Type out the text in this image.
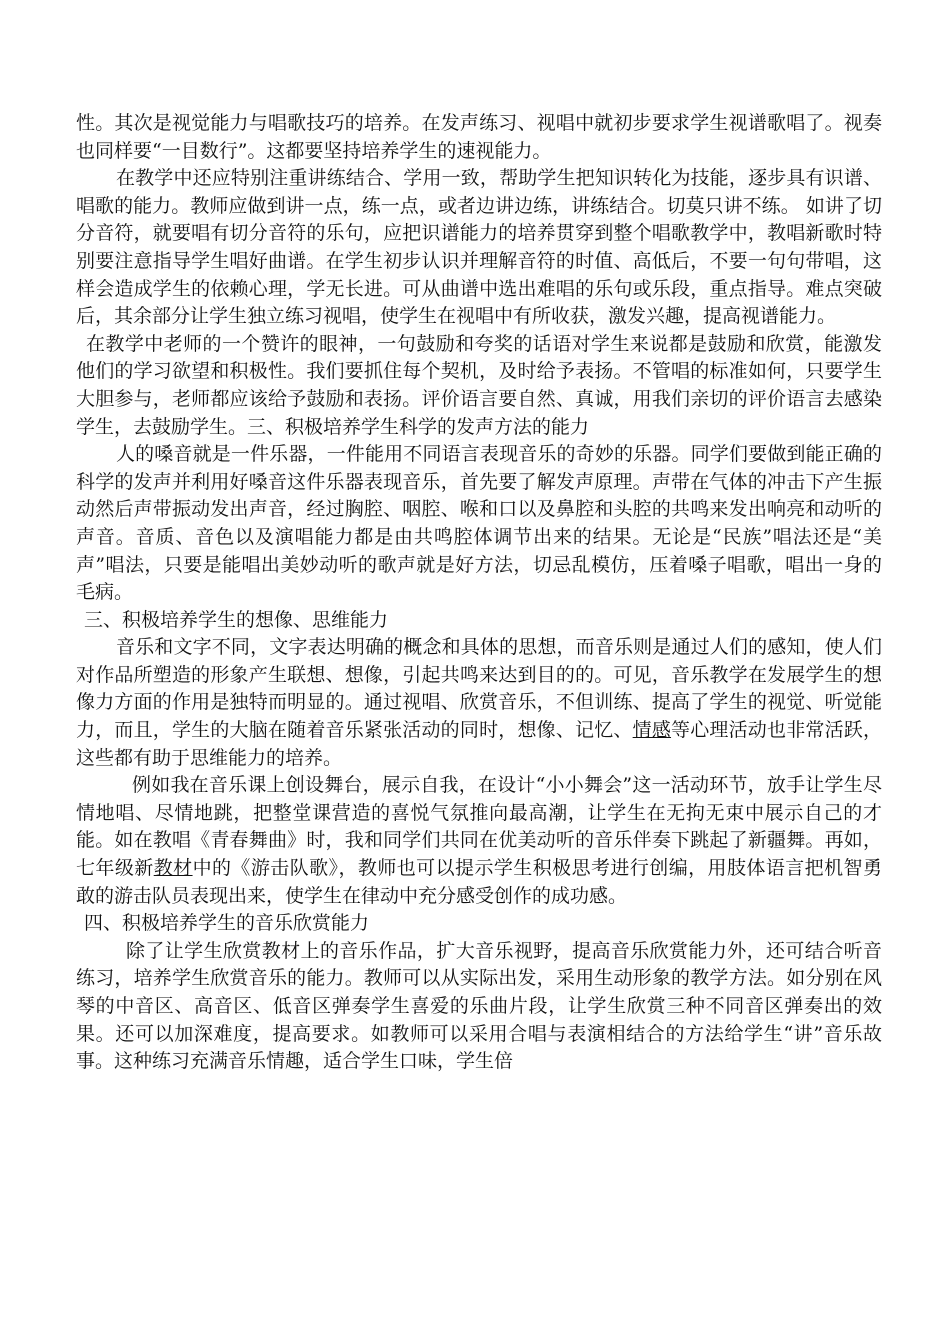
性。其次是视觉能力与唱歌技巧的培养。在发声练习、视唱中就初步要求学生视谱歌唱了。视奏也同样要“一目数行”。这都要坚持培养学生的速视能力。

在教学中还应特别注重讲练结合、学用一致，帮助学生把知识转化为技能，逐步具有识谱、唱歌的能力。教师应做到讲一点，练一点，或者边讲边练，讲练结合。切莫只讲不练。 如讲了切分音符，就要唱有切分音符的乐句，应把识谱能力的培养贯穿到整个唱歌教学中，教唱新歌时特别要注意指导学生唱好曲谱。在学生初步认识并理解音符的时值、高低后，不要一句句带唱，这样会造成学生的依赖心理，学无长进。可从曲谱中选出难唱的乐句或乐段，重点指导。难点突破后，其余部分让学生独立练习视唱，使学生在视唱中有所收获，激发兴趣，提高视谱能力。

在教学中老师的一个赞许的眼神，一句鼓励和夸奖的话语对学生来说都是鼓励和欣赏，能激发他们的学习欲望和积极性。我们要抓住每个契机，及时给予表扬。不管唱的标准如何，只要学生大胆参与，老师都应该给予鼓励和表扬。评价语言要自然、真诚，用我们亲切的评价语言去感染学生，去鼓励学生。三、积极培养学生科学的发声方法的能力

人的嗓音就是一件乐器，一件能用不同语言表现音乐的奇妙的乐器。同学们要做到能正确的科学的发声并利用好嗓音这件乐器表现音乐，首先要了解发声原理。声带在气体的冲击下产生振动然后声带振动发出声音，经过胸腔、咽腔、喉和口以及鼻腔和头腔的共鸣来发出响亮和动听的声音。音质、音色以及演唱能力都是由共鸣腔体调节出来的结果。无论是“民族”唱法还是“美声”唱法，只要是能唱出美妙动听的歌声就是好方法，切忌乱模仿，压着嗓子唱歌，唱出一身的毛病。

三、积极培养学生的想像、思维能力

音乐和文字不同，文字表达明确的概念和具体的思想，而音乐则是通过人们的感知，使人们对作品所塑造的形象产生联想、想像，引起共鸣来达到目的的。可见，音乐教学在发展学生的想像力方面的作用是独特而明显的。通过视唱、欣赏音乐，不但训练、提高了学生的视觉、听觉能力，而且，学生的大脑在随着音乐紧张活动的同时，想像、记忆、情感等心理活动也非常活跃，这些都有助于思维能力的培养。

例如我在音乐课上创设舞台，展示自我，在设计“小小舞会”这一活动环节，放手让学生尽情地唱、尽情地跳，把整堂课营造的喜悦气氛推向最高潮，让学生在无拘无束中展示自己的才能。如在教唱《青春舞曲》时，我和同学们共同在优美动听的音乐伴奏下跳起了新疆舞。再如，七年级新教材中的《游击队歌》，教师也可以提示学生积极思考进行创编，用肢体语言把机智勇敢的游击队员表现出来，使学生在律动中充分感受创作的成功感。

四、积极培养学生的音乐欣赏能力

除了让学生欣赏教材上的音乐作品，扩大音乐视野，提高音乐欣赏能力外，还可结合听音练习，培养学生欣赏音乐的能力。教师可以从实际出发，采用生动形象的教学方法。如分别在风琴的中音区、高音区、低音区弹奏学生喜爱的乐曲片段，让学生欣赏三种不同音区弹奏出的效果。还可以加深难度，提高要求。如教师可以采用合唱与表演相结合的方法给学生“讲”音乐故事。这种练习充满音乐情趣，适合学生口味，学生倍
